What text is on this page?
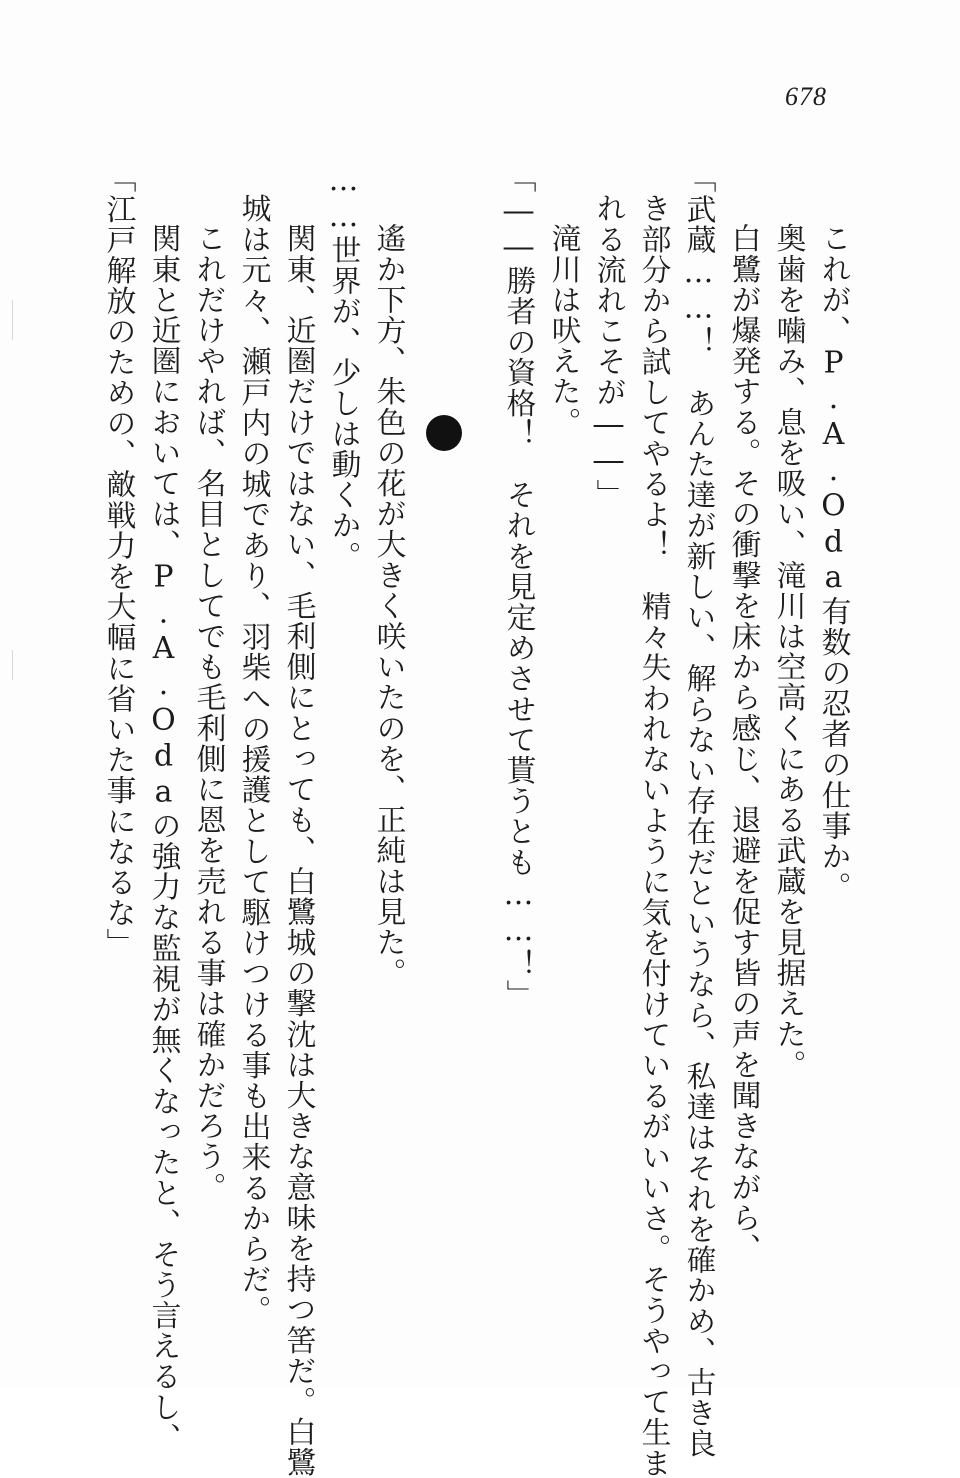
678
これが、P.A.Oda有数の忍者の仕事か。
奥歯を噛み、息を吸い、滝川は空高くにある武蔵を見据えた。
白鷺が爆発する。その衝撃を床から感じ、退避を促す皆の声を聞きながら、
「武蔵……！　あんた達が新しい、解らない存在だというなら、私達はそれを確かめ、古き良
き部分から試してやるよ！　精々失われないように気を付けているがいいさ。そうやって生ま
れる流れこそが――」
滝川は吠えた。
「――勝者の資格！　それを見定めさせて貰うとも……！」
遙か下方、朱色の花が大きく咲いたのを、正純は見た。
……世界が、少しは動くか。
関東、近圏だけではない、毛利側にとっても、白鷺城の撃沈は大きな意味を持つ筈だ。白鷺
城は元々、瀬戸内の城であり、羽柴への援護として駆けつける事も出来るからだ。
これだけやれば、名目としてでも毛利側に恩を売れる事は確かだろう。
関東と近圏においては、P.A.Odaの強力な監視が無くなったと、そう言えるし、
「江戸解放のための、敵戦力を大幅に省いた事になるな」
